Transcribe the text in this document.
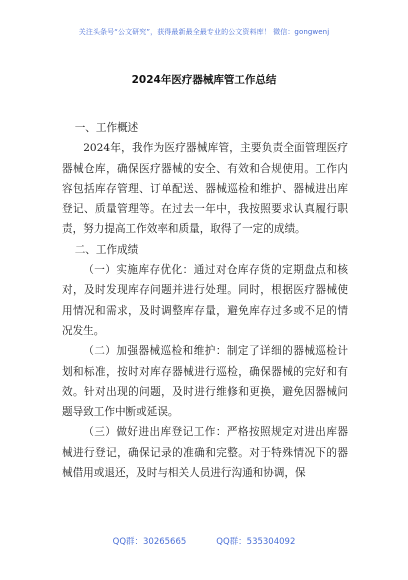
关注头条号“公文研究”，获得最新最全最专业的公文资料库！ 微信：gongwenj
2024年医疗器械库管工作总结

一、工作概述

2024年，我作为医疗器械库管，主要负责全面管理医疗器械仓库，确保医疗器械的安全、有效和合规使用。工作内容包括库存管理、订单配送、器械巡检和维护、器械进出库登记、质量管理等。在过去一年中，我按照要求认真履行职责，努力提高工作效率和质量，取得了一定的成绩。

二、工作成绩

（一）实施库存优化：通过对仓库存货的定期盘点和核对，及时发现库存问题并进行处理。同时，根据医疗器械使用情况和需求，及时调整库存量，避免库存过多或不足的情况发生。

（二）加强器械巡检和维护：制定了详细的器械巡检计划和标准，按时对库存器械进行巡检，确保器械的完好和有效。针对出现的问题，及时进行维修和更换，避免因器械问题导致工作中断或延误。

（三）做好进出库登记工作：严格按照规定对进出库器械进行登记，确保记录的准确和完整。对于特殊情况下的器械借用或退还，及时与相关人员进行沟通和协调，保

QQ群：30265665	QQ群：535304092
